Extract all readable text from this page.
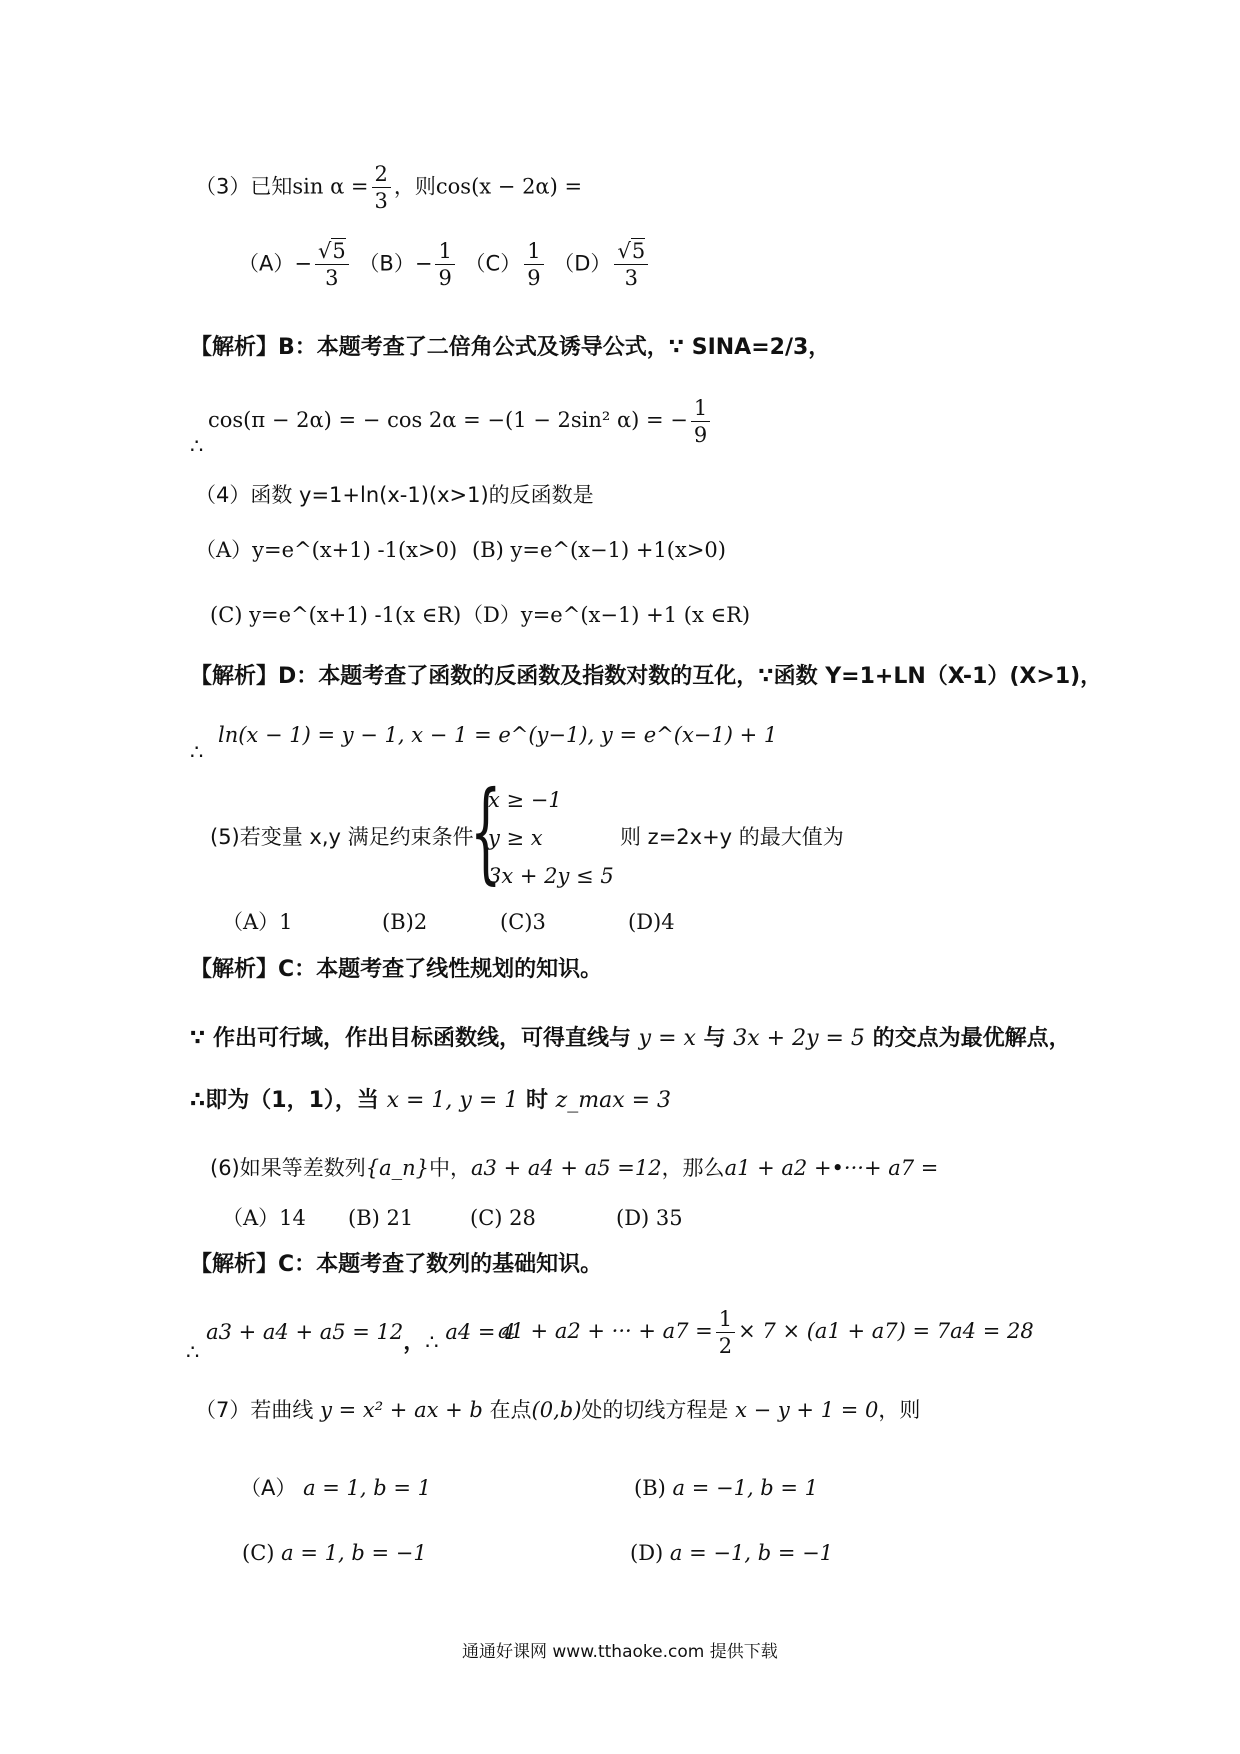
（3）已知$\sin \alpha = \frac{2}{3}$ ，则cos(x − 2α) =
$(A)- \frac{√5}{3} (B)- \frac{1}{9} (C) \frac{1}{9} (D) \frac{√5}{3}$
【解析】B：本题考查了二倍角公式及诱导公式，∵ SINA=2/3，
∴
cos(π − 2α) = − cos 2α = −(1 − 2sin² α) = − $\frac{1}{9}$
（4）函数 y=1+ln(x-1)(x>1)的反函数是
（A）y=e^(x+1) -1(x>0) (B) y=e^(x−1) +1(x>0)
(C) y=e^(x+1) -1(x ∈R) （D）y=e^(x−1) +1 (x ∈R)
【解析】D：本题考查了函数的反函数及指数对数的互化，∵函数 Y=1+LN（X-1）(X>1)，
∴
ln(x − 1) = y − 1, x − 1 = e^(y−1), y = e^(x−1) + 1
(5)若变量 x,y 满足约束条件
{
x ≥ −1
y ≥ x
3x + 2y ≤ 5
则 z=2x+y 的最大值为
（A）1	(B)2	(C)3	(D)4
【解析】C：本题考查了线性规划的知识。
∵ 作出可行域，作出目标函数线，可得直线与 y = x 与 3x + 2y = 5 的交点为最优解点，
∴即为（1，1），当 x = 1, y = 1 时 z_max = 3
(6)如果等差数列{a_n}中，a3 + a4 + a5 =12，那么a1 + a2 +•···+ a7 =
（A）14 (B) 21	(C) 28	(D) 35
【解析】C：本题考查了数列的基础知识。
∴ a3 + a4 + a5 = 12，∴ a4 = 4
a1 + a2 + ··· + $a7 = \frac{1}{2} \times 7 \times (a1 + a7) = 7a4 = 28$
（7）若曲线 y = x² + ax + b 在点(0,b)处的切线方程是 x − y + 1 = 0，则
（A） a = 1, b = 1	(B) a = −1, b = 1
(C) a = 1, b = −1	(D) a = −1, b = −1
通通好课网 www.tthaoke.com 提供下载
